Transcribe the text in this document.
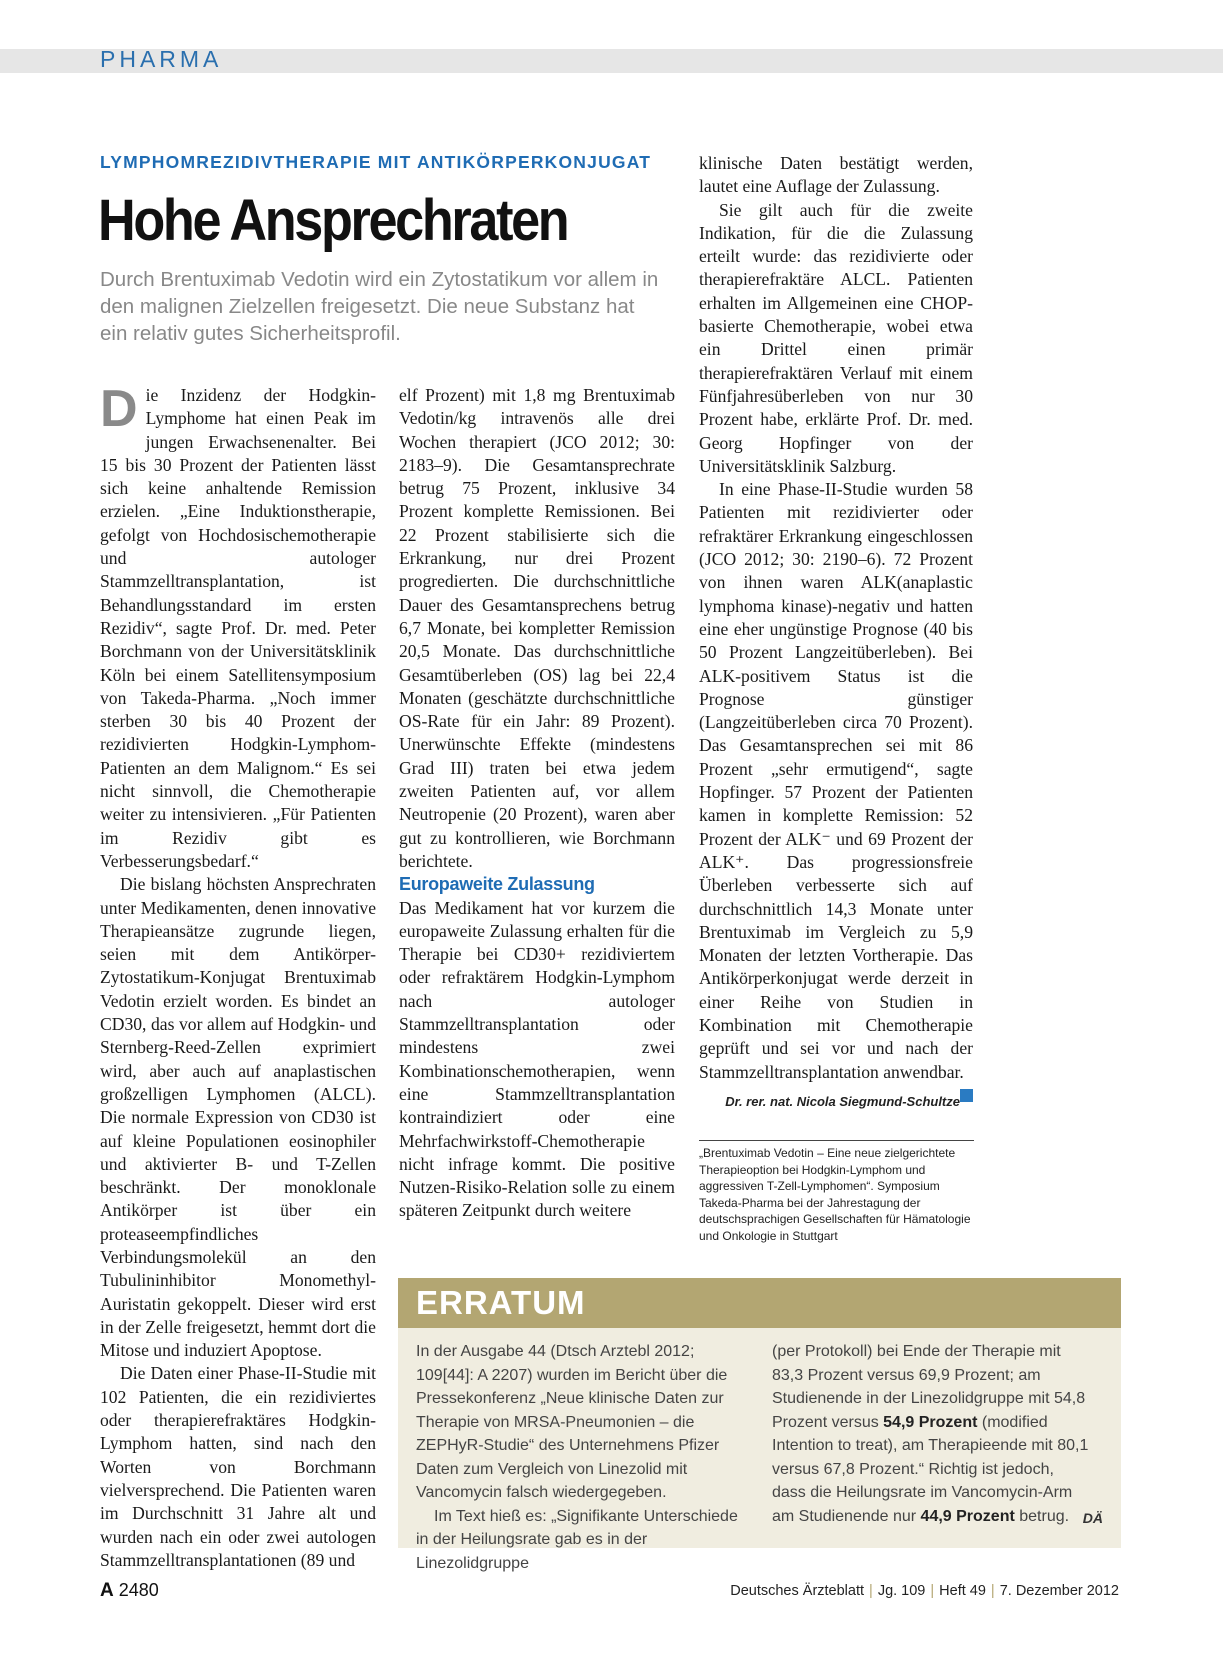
PHARMA
LYMPHOMREZIDIVTHERAPIE MIT ANTIKÖRPERKONJUGAT
Hohe Ansprechraten
Durch Brentuximab Vedotin wird ein Zytostatikum vor allem in den malignen Zielzellen freigesetzt. Die neue Substanz hat ein relativ gutes Sicherheitsprofil.

Die Inzidenz der Hodgkin-Lymphome hat einen Peak im jungen Erwachsenenalter. Bei 15 bis 30 Prozent der Patienten lässt sich keine anhaltende Remission erzielen. „Eine Induktionstherapie, gefolgt von Hochdosischemotherapie und autologer Stammzelltransplantation, ist Behandlungsstandard im ersten Rezidiv“, sagte Prof. Dr. med. Peter Borchmann von der Universitätsklinik Köln bei einem Satellitensymposium von Takeda-Pharma. „Noch immer sterben 30 bis 40 Prozent der rezidivierten Hodgkin-Lymphom-Patienten an dem Malignom.“ Es sei nicht sinnvoll, die Chemotherapie weiter zu intensivieren. „Für Patienten im Rezidiv gibt es Verbesserungsbedarf.“

Die bislang höchsten Ansprechraten unter Medikamenten, denen innovative Therapieansätze zugrunde liegen, seien mit dem Antikörper-Zytostatikum-Konjugat Brentuximab Vedotin erzielt worden. Es bindet an CD30, das vor allem auf Hodgkin- und Sternberg-Reed-Zellen exprimiert wird, aber auch auf anaplastischen großzelligen Lymphomen (ALCL). Die normale Expression von CD30 ist auf kleine Populationen eosinophiler und aktivierter B- und T-Zellen beschränkt. Der monoklonale Antikörper ist über ein proteaseempfindliches Verbindungsmolekül an den Tubulininhibitor Monomethyl-Auristatin gekoppelt. Dieser wird erst in der Zelle freigesetzt, hemmt dort die Mitose und induziert Apoptose.

Die Daten einer Phase-II-Studie mit 102 Patienten, die ein rezidiviertes oder therapierefraktäres Hodgkin-Lymphom hatten, sind nach den Worten von Borchmann vielversprechend. Die Patienten waren im Durchschnitt 31 Jahre alt und wurden nach ein oder zwei autologen Stammzelltransplantationen (89 und

elf Prozent) mit 1,8 mg Brentuximab Vedotin/kg intravenös alle drei Wochen therapiert (JCO 2012; 30: 2183–9). Die Gesamtansprechrate betrug 75 Prozent, inklusive 34 Prozent komplette Remissionen. Bei 22 Prozent stabilisierte sich die Erkrankung, nur drei Prozent progredierten. Die durchschnittliche Dauer des Gesamtansprechens betrug 6,7 Monate, bei kompletter Remission 20,5 Monate. Das durchschnittliche Gesamtüberleben (OS) lag bei 22,4 Monaten (geschätzte durchschnittliche OS-Rate für ein Jahr: 89 Prozent). Unerwünschte Effekte (mindestens Grad III) traten bei etwa jedem zweiten Patienten auf, vor allem Neutropenie (20 Prozent), waren aber gut zu kontrollieren, wie Borchmann berichtete.

Europaweite Zulassung

Das Medikament hat vor kurzem die europaweite Zulassung erhalten für die Therapie bei CD30+ rezidiviertem oder refraktärem Hodgkin-Lymphom nach autologer Stammzelltransplantation oder mindestens zwei Kombinationschemotherapien, wenn eine Stammzelltransplantation kontraindiziert oder eine Mehrfachwirkstoff-Chemotherapie nicht infrage kommt. Die positive Nutzen-Risiko-Relation solle zu einem späteren Zeitpunkt durch weitere

klinische Daten bestätigt werden, lautet eine Auflage der Zulassung.

Sie gilt auch für die zweite Indikation, für die die Zulassung erteilt wurde: das rezidivierte oder therapierefraktäre ALCL. Patienten erhalten im Allgemeinen eine CHOP-basierte Chemotherapie, wobei etwa ein Drittel einen primär therapierefraktären Verlauf mit einem Fünfjahresüberleben von nur 30 Prozent habe, erklärte Prof. Dr. med. Georg Hopfinger von der Universitätsklinik Salzburg.

In eine Phase-II-Studie wurden 58 Patienten mit rezidivierter oder refraktärer Erkrankung eingeschlossen (JCO 2012; 30: 2190–6). 72 Prozent von ihnen waren ALK(anaplastic lymphoma kinase)-negativ und hatten eine eher ungünstige Prognose (40 bis 50 Prozent Langzeitüberleben). Bei ALK-positivem Status ist die Prognose günstiger (Langzeitüberleben circa 70 Prozent). Das Gesamtansprechen sei mit 86 Prozent „sehr ermutigend“, sagte Hopfinger. 57 Prozent der Patienten kamen in komplette Remission: 52 Prozent der ALK⁻ und 69 Prozent der ALK⁺. Das progressionsfreie Überleben verbesserte sich auf durchschnittlich 14,3 Monate unter Brentuximab im Vergleich zu 5,9 Monaten der letzten Vortherapie. Das Antikörperkonjugat werde derzeit in einer Reihe von Studien in Kombination mit Chemotherapie geprüft und sei vor und nach der Stammzelltransplantation anwendbar.

Dr. rer. nat. Nicola Siegmund-Schultze
„Brentuximab Vedotin – Eine neue zielgerichtete Therapieoption bei Hodgkin-Lymphom und aggressiven T-Zell-Lymphomen“. Symposium Takeda-Pharma bei der Jahrestagung der deutschsprachigen Gesellschaften für Hämatologie und Onkologie in Stuttgart
ERRATUM

In der Ausgabe 44 (Dtsch Arztebl 2012; 109[44]: A 2207) wurden im Bericht über die Pressekonferenz „Neue klinische Daten zur Therapie von MRSA-Pneumonien – die ZEPHyR-Studie“ des Unternehmens Pfizer Daten zum Vergleich von Linezolid mit Vancomycin falsch wiedergegeben.

Im Text hieß es: „Signifikante Unterschiede in der Heilungsrate gab es in der Linezolidgruppe

(per Protokoll) bei Ende der Therapie mit 83,3 Prozent versus 69,9 Prozent; am Studienende in der Linezolidgruppe mit 54,8 Prozent versus 54,9 Prozent (modified Intention to treat), am Therapieende mit 80,1 versus 67,8 Prozent.“ Richtig ist jedoch, dass die Heilungsrate im Vancomycin-Arm am Studienende nur 44,9 Prozent betrug. DÄ
A 2480	Deutsches Ärzteblatt | Jg. 109 | Heft 49 | 7. Dezember 2012
